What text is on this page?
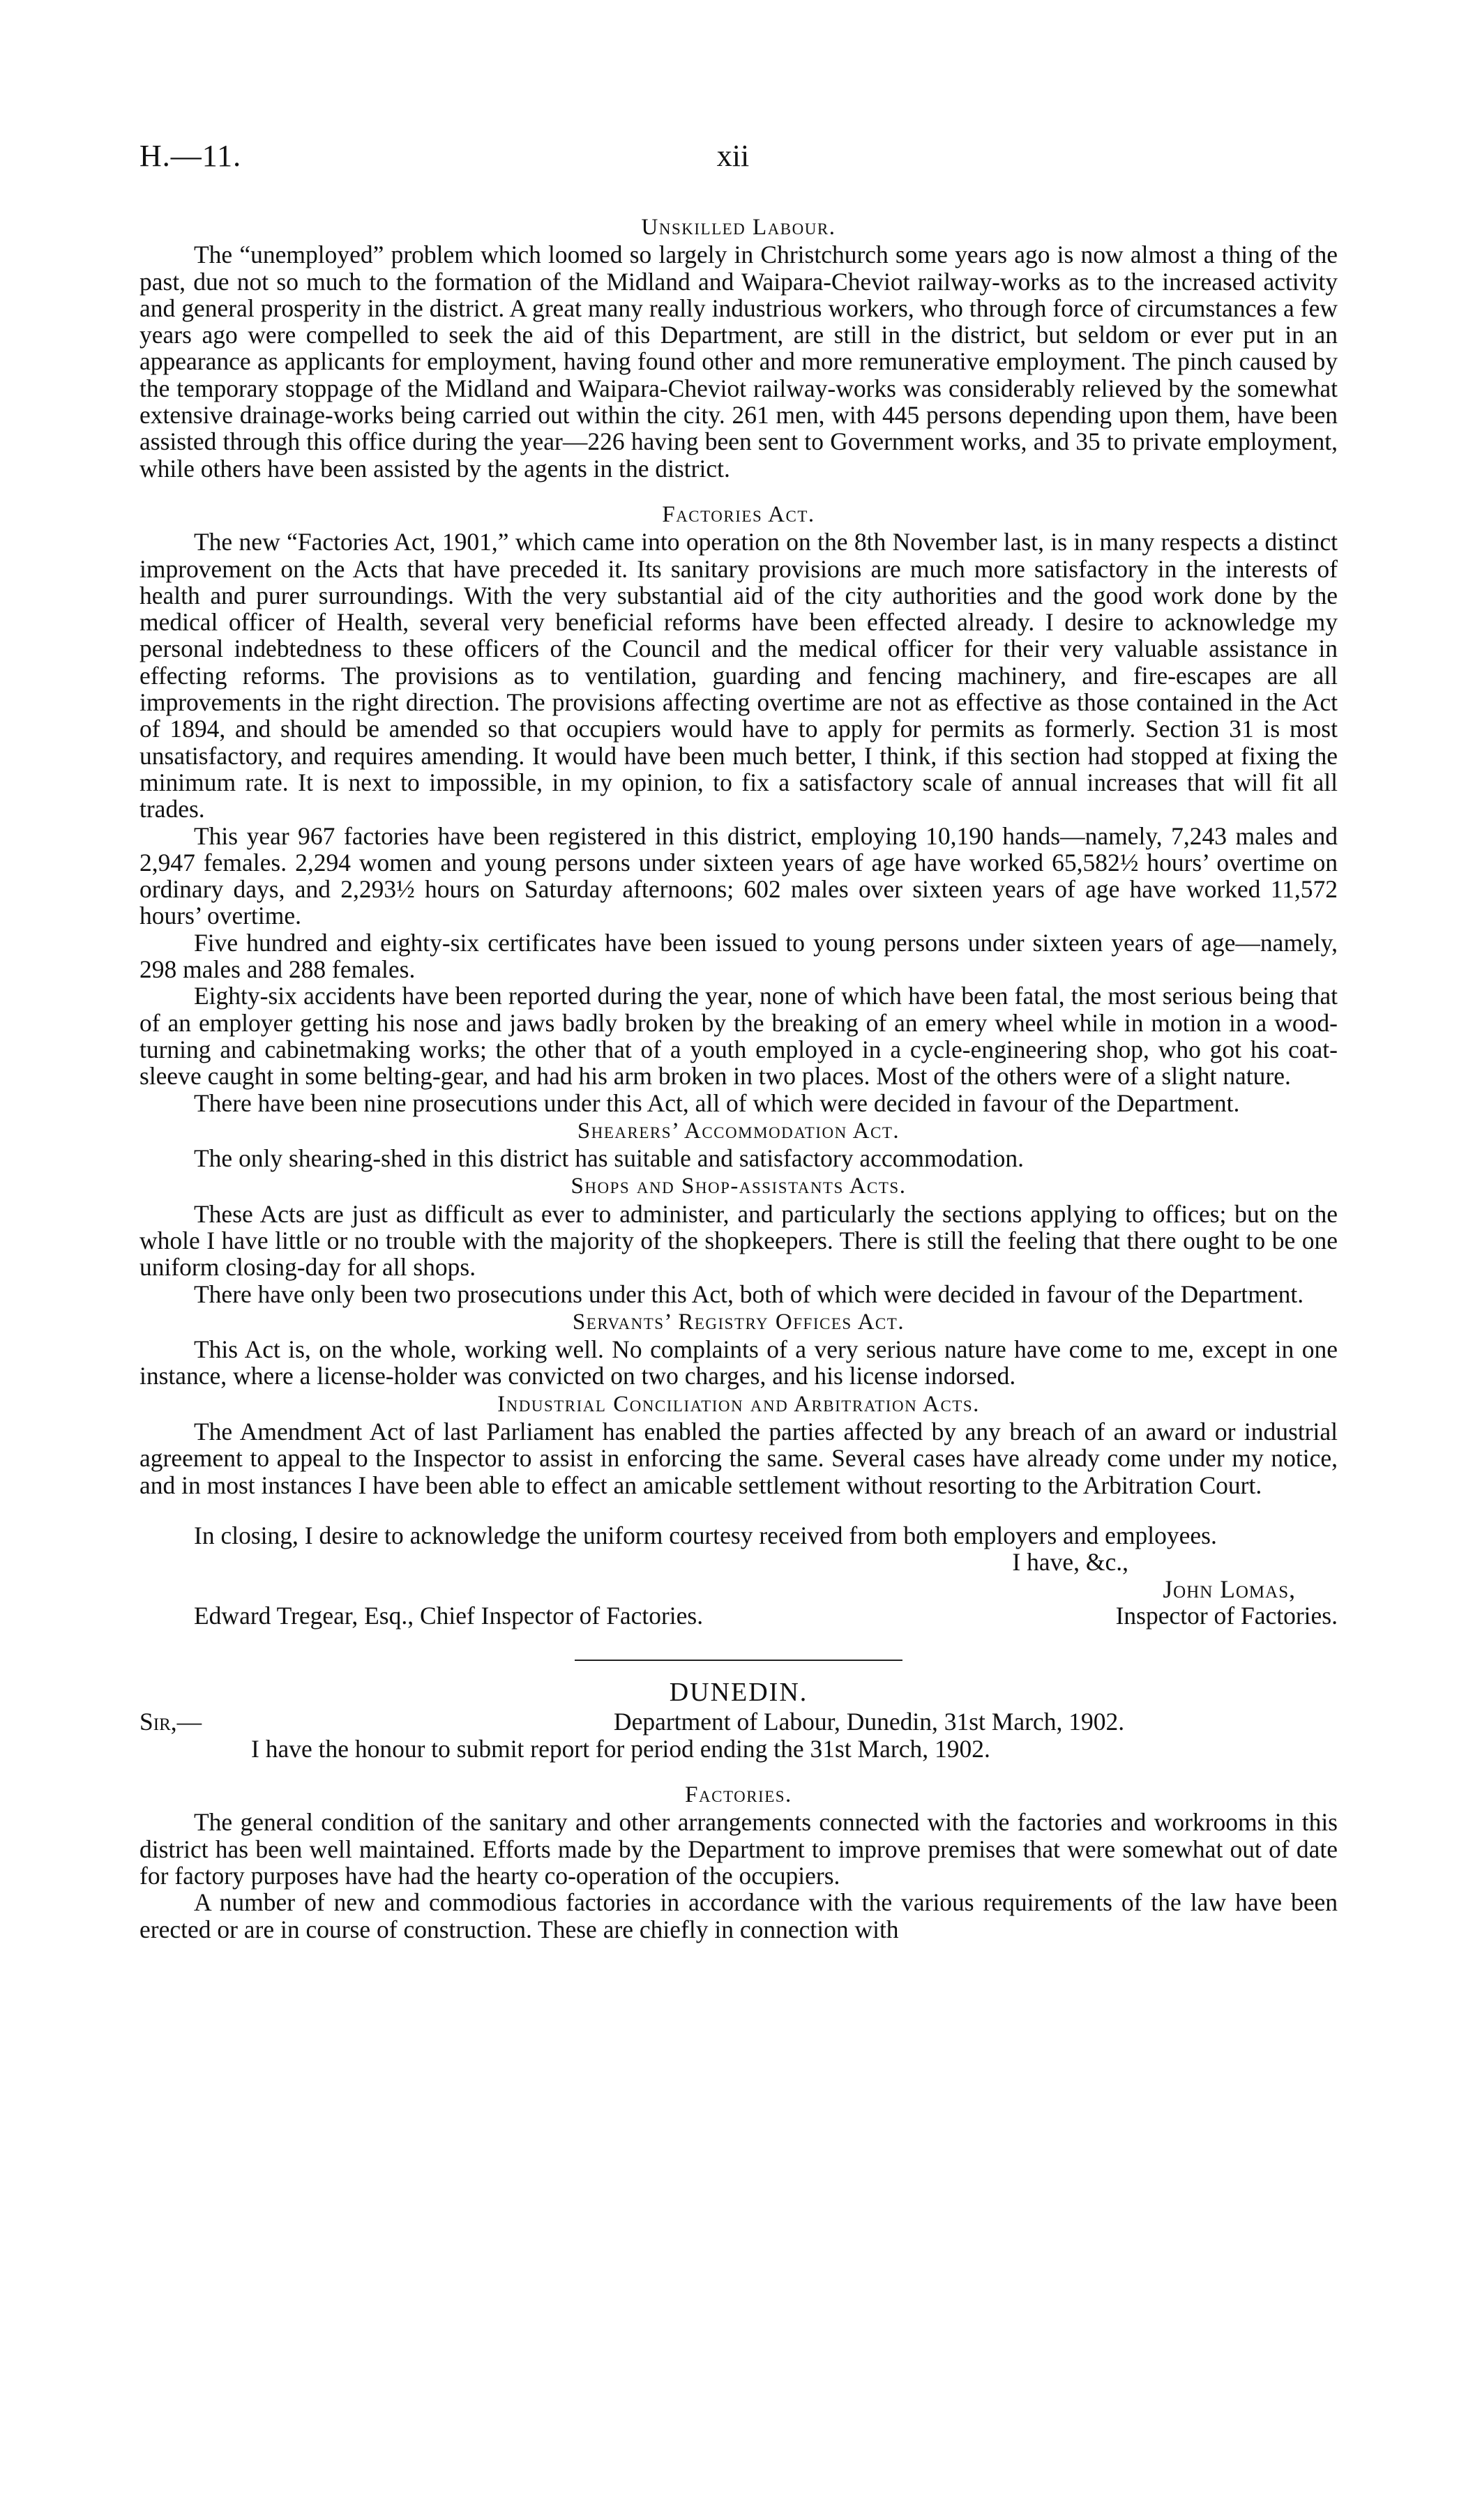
H.—11.	xii
Unskilled Labour.

The “unemployed” problem which loomed so largely in Christchurch some years ago is now almost a thing of the past, due not so much to the formation of the Midland and Waipara-Cheviot railway-works as to the increased activity and general prosperity in the district. A great many really industrious workers, who through force of circumstances a few years ago were compelled to seek the aid of this Department, are still in the district, but seldom or ever put in an appearance as applicants for employment, having found other and more remunerative employment. The pinch caused by the temporary stoppage of the Midland and Waipara-Cheviot railway-works was considerably relieved by the somewhat extensive drainage-works being carried out within the city. 261 men, with 445 persons depending upon them, have been assisted through this office during the year—226 having been sent to Government works, and 35 to private employment, while others have been assisted by the agents in the district.

Factories Act.

The new “Factories Act, 1901,” which came into operation on the 8th November last, is in many respects a distinct improvement on the Acts that have preceded it. Its sanitary provisions are much more satisfactory in the interests of health and purer surroundings. With the very substantial aid of the city authorities and the good work done by the medical officer of Health, several very beneficial reforms have been effected already. I desire to acknowledge my personal indebtedness to these officers of the Council and the medical officer for their very valuable assistance in effecting reforms. The provisions as to ventilation, guarding and fencing machinery, and fire-escapes are all improvements in the right direction. The provisions affecting overtime are not as effective as those contained in the Act of 1894, and should be amended so that occupiers would have to apply for permits as formerly. Section 31 is most unsatisfactory, and requires amending. It would have been much better, I think, if this section had stopped at fixing the minimum rate. It is next to impossible, in my opinion, to fix a satisfactory scale of annual increases that will fit all trades.

This year 967 factories have been registered in this district, employing 10,190 hands—namely, 7,243 males and 2,947 females. 2,294 women and young persons under sixteen years of age have worked 65,582½ hours’ overtime on ordinary days, and 2,293½ hours on Saturday afternoons; 602 males over sixteen years of age have worked 11,572 hours’ overtime.

Five hundred and eighty-six certificates have been issued to young persons under sixteen years of age—namely, 298 males and 288 females.

Eighty-six accidents have been reported during the year, none of which have been fatal, the most serious being that of an employer getting his nose and jaws badly broken by the breaking of an emery wheel while in motion in a wood-turning and cabinetmaking works; the other that of a youth employed in a cycle-engineering shop, who got his coat-sleeve caught in some belting-gear, and had his arm broken in two places. Most of the others were of a slight nature.

There have been nine prosecutions under this Act, all of which were decided in favour of the Department.

Shearers’ Accommodation Act.

The only shearing-shed in this district has suitable and satisfactory accommodation.

Shops and Shop-assistants Acts.

These Acts are just as difficult as ever to administer, and particularly the sections applying to offices; but on the whole I have little or no trouble with the majority of the shopkeepers. There is still the feeling that there ought to be one uniform closing-day for all shops.

There have only been two prosecutions under this Act, both of which were decided in favour of the Department.

Servants’ Registry Offices Act.

This Act is, on the whole, working well. No complaints of a very serious nature have come to me, except in one instance, where a license-holder was convicted on two charges, and his license indorsed.

Industrial Conciliation and Arbitration Acts.

The Amendment Act of last Parliament has enabled the parties affected by any breach of an award or industrial agreement to appeal to the Inspector to assist in enforcing the same. Several cases have already come under my notice, and in most instances I have been able to effect an amicable settlement without resorting to the Arbitration Court.

In closing, I desire to acknowledge the uniform courtesy received from both employers and employees.

I have, &c.,
John Lomas,
Edward Tregear, Esq., Chief Inspector of Factories.	Inspector of Factories.
DUNEDIN.
Sir,—	Department of Labour, Dunedin, 31st March, 1902.

I have the honour to submit report for period ending the 31st March, 1902.

Factories.

The general condition of the sanitary and other arrangements connected with the factories and workrooms in this district has been well maintained. Efforts made by the Department to improve premises that were somewhat out of date for factory purposes have had the hearty co-operation of the occupiers.

A number of new and commodious factories in accordance with the various requirements of the law have been erected or are in course of construction. These are chiefly in connection with
